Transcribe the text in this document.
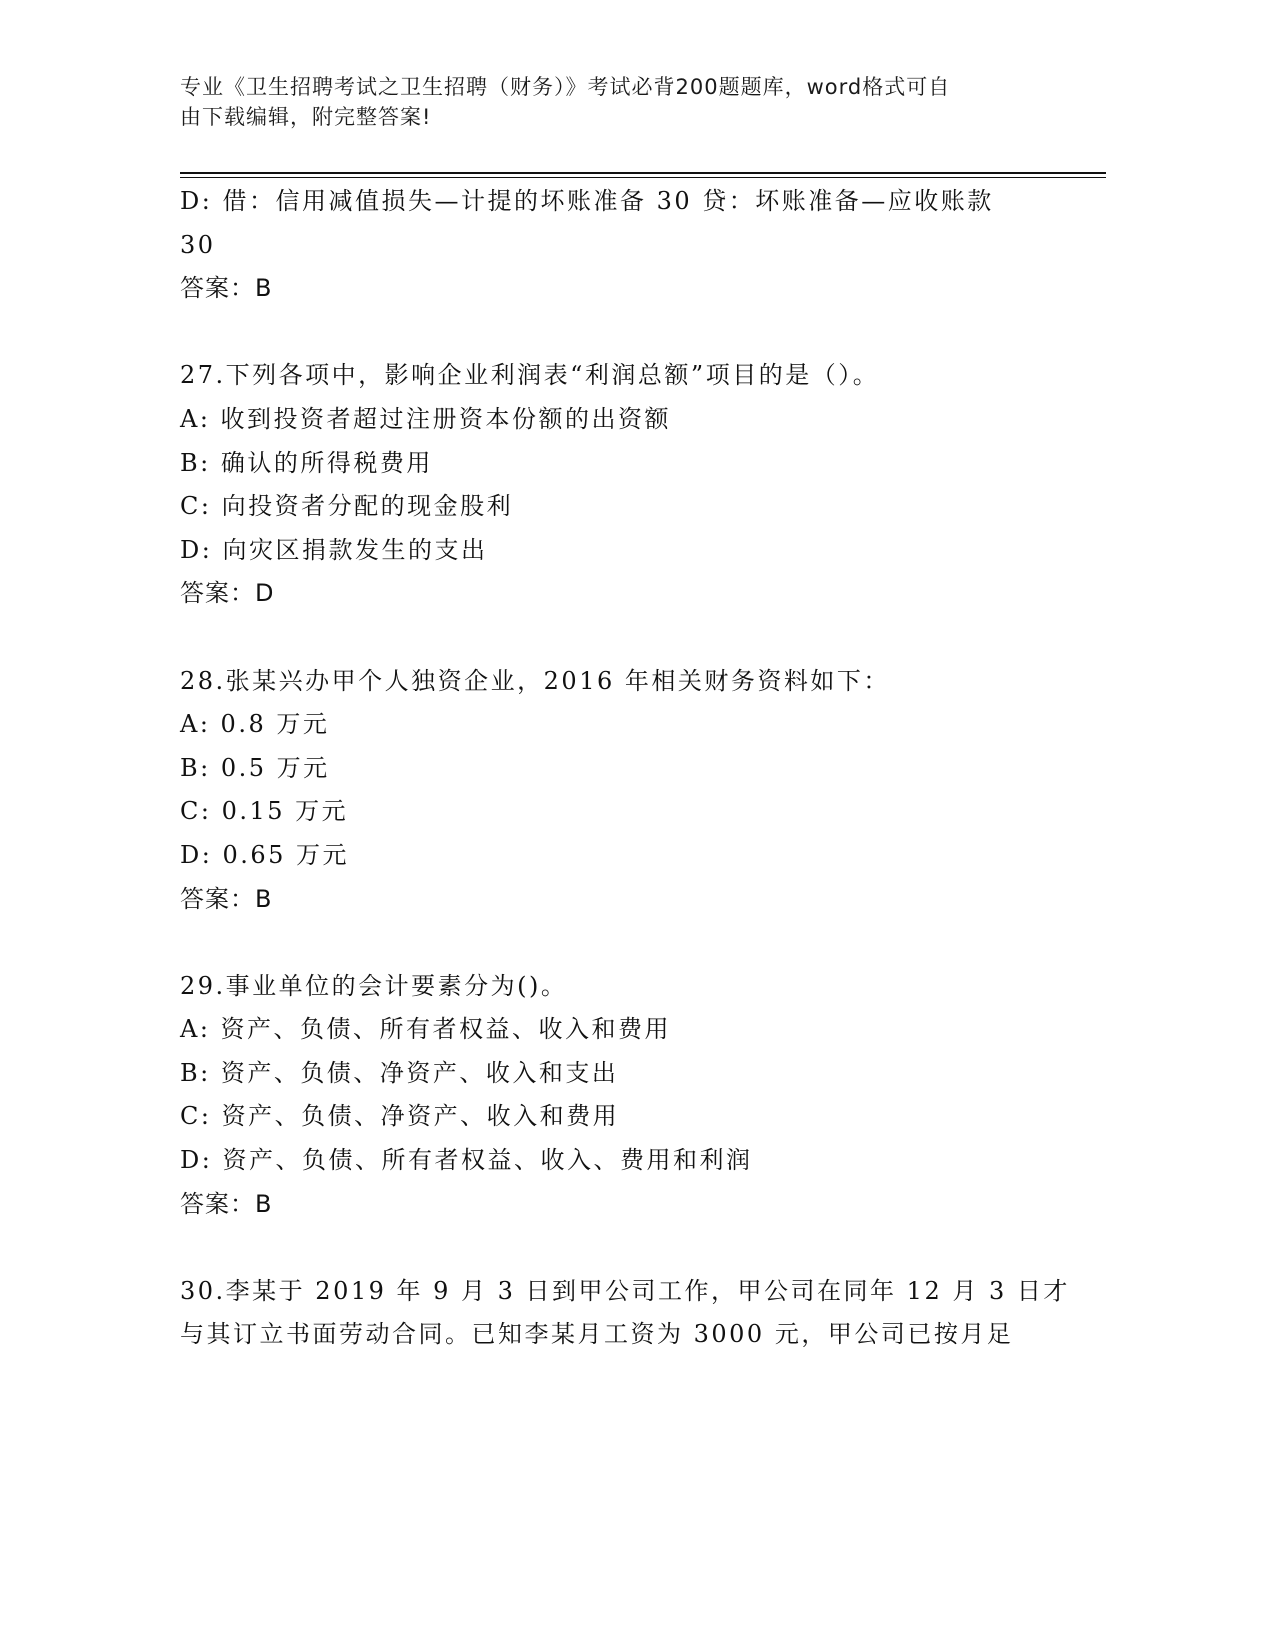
专业《卫生招聘考试之卫生招聘（财务）》考试必背200题题库，word格式可自
由下载编辑，附完整答案!
D: 借：信用减值损失—计提的坏账准备 30 贷：坏账准备—应收账款
30
答案：B
27.下列各项中，影响企业利润表“利润总额”项目的是（）。
A: 收到投资者超过注册资本份额的出资额
B: 确认的所得税费用
C: 向投资者分配的现金股利
D: 向灾区捐款发生的支出
答案：D
28.张某兴办甲个人独资企业，2016 年相关财务资料如下：
A: 0.8 万元
B: 0.5 万元
C: 0.15 万元
D: 0.65 万元
答案：B
29.事业单位的会计要素分为()。
A: 资产、负债、所有者权益、收入和费用
B: 资产、负债、净资产、收入和支出
C: 资产、负债、净资产、收入和费用
D: 资产、负债、所有者权益、收入、费用和利润
答案：B
30.李某于 2019 年 9 月 3 日到甲公司工作，甲公司在同年 12 月 3 日才
与其订立书面劳动合同。已知李某月工资为 3000 元，甲公司已按月足
